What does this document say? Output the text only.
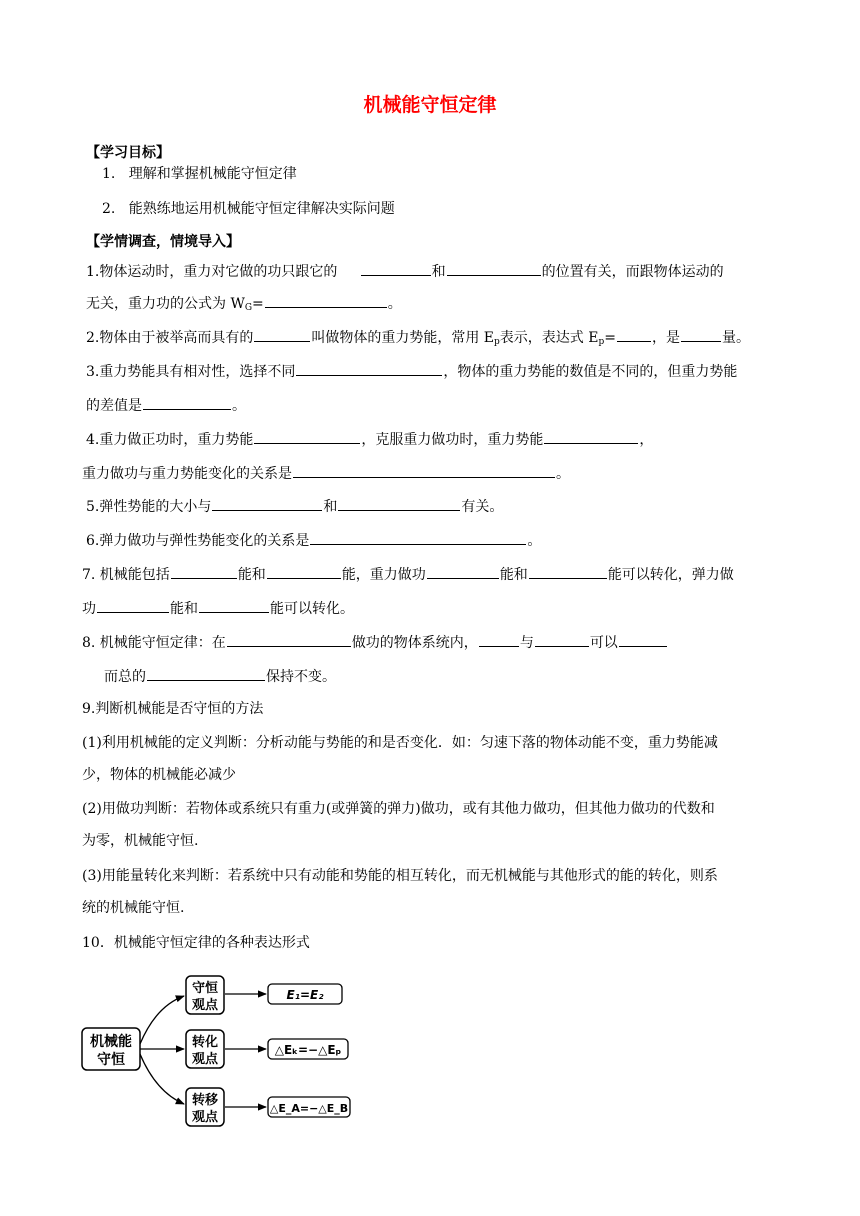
机械能守恒定律
【学习目标】
1. 理解和掌握机械能守恒定律
2. 能熟练地运用机械能守恒定律解决实际问题
【学情调查，情境导入】
1.物体运动时，重力对它做的功只跟它的	和	的位置有关，而跟物体运动的
无关，重力功的公式为 $W_G=$	。
2.物体由于被举高而具有的	叫做物体的重力势能，常用 $E_p$表示，表达式 $E_p=$	，是	量。
3.重力势能具有相对性，选择不同	，物体的重力势能的数值是不同的，但重力势能
的差值是	。
4.重力做正功时，重力势能	，克服重力做功时，重力势能	，
重力做功与重力势能变化的关系是	。
5.弹性势能的大小与	和	有关。
6.弹力做功与弹性势能变化的关系是	。
7. 机械能包括	能和	能，重力做功	能和	能可以转化，弹力做
功	能和	能可以转化。
8. 机械能守恒定律：在	做功的物体系统内，	与	可以
而总的	保持不变。
9.判断机械能是否守恒的方法
(1)利用机械能的定义判断：分析动能与势能的和是否变化．如：匀速下落的物体动能不变，重力势能减
少，物体的机械能必减少
(2)用做功判断：若物体或系统只有重力(或弹簧的弹力)做功，或有其他力做功，但其他力做功的代数和
为零，机械能守恒.
(3)用能量转化来判断：若系统中只有动能和势能的相互转化，而无机械能与其他形式的能的转化，则系
统的机械能守恒.
10．机械能守恒定律的各种表达形式
机械能
守恒
守恒
观点
E₁=E₂
转化
观点
△Eₖ=−△Eₚ
转移
观点
△E_A=−△E_B
